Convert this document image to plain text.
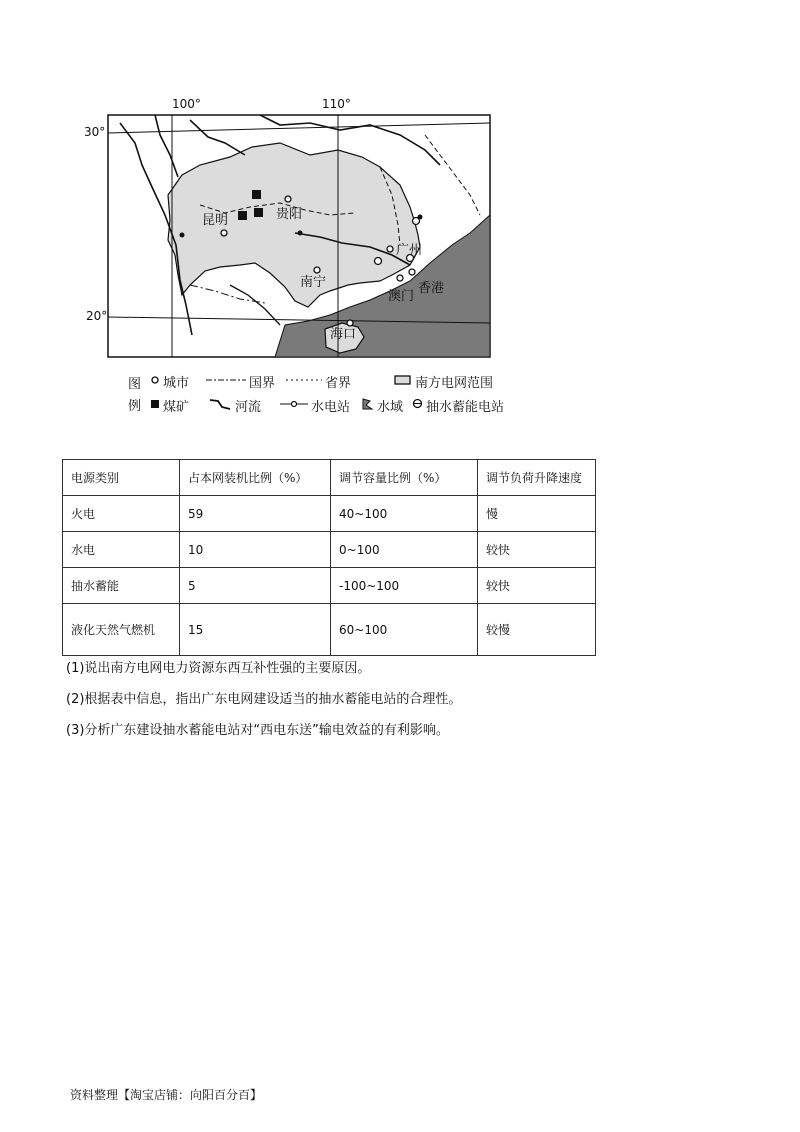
100°	110°
30°
20°
昆明	贵阳
广州
南宁
澳门
香港
海口
图例
城市	国界	省界	南方电网范围
煤矿	河流	水电站 水域 抽水蓄能电站
电源类别	占本网装机比例（%）	调节容量比例（%）	调节负荷升降速度
火电	59	40~100	慢
水电	10	0~100	较快
抽水蓄能	5	-100~100	较快
液化天然气燃机	15	60~100	较慢
(1)说出南方电网电力资源东西互补性强的主要原因。
(2)根据表中信息，指出广东电网建设适当的抽水蓄能电站的合理性。
(3)分析广东建设抽水蓄能电站对“西电东送”输电效益的有利影响。
资料整理【淘宝店铺：向阳百分百】
